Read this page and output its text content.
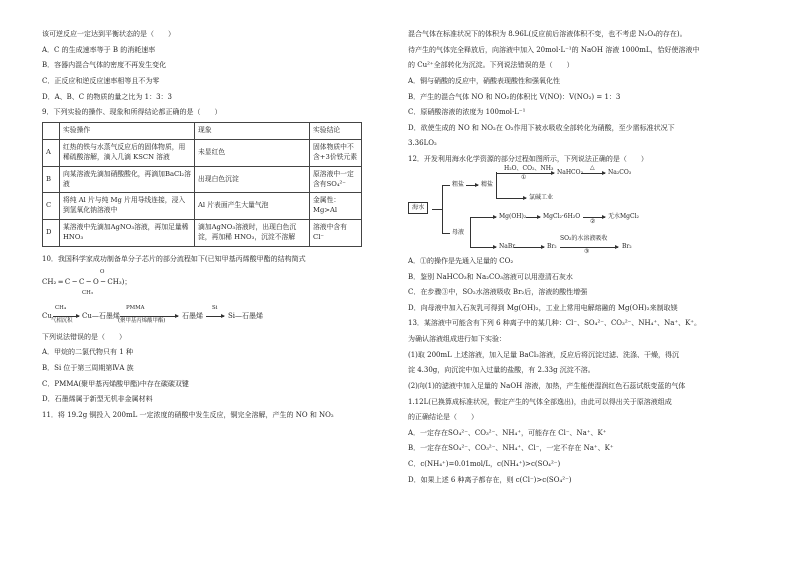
该可逆反应一定达到平衡状态的是（　　）
A．C 的生成速率等于 B 的消耗速率
B．容器内混合气体的密度不再发生变化
C．正反应和逆反应速率相等且不为零
D．A、B、C 的物质的量之比为 1：3：3
9．下列实验的操作、现象和所得结论都正确的是（　　）
	实验操作	现象	实验结论
A	红热的铁与水蒸气反应后的固体物质，用稀硫酸溶解，滴入几滴 KSCN 溶液	未显红色	固体物质中不含+3价铁元素
B	向某溶液先滴加硝酸酸化，再滴加BaCl₂溶液	出现白色沉淀	原溶液中一定含有SO₄²⁻
C	将纯 Al 片与纯 Mg 片用导线连接，浸入到氢氧化钠溶液中	Al 片表面产生大量气泡	金属性：Mg>Al
D	某溶液中先滴加AgNO₃溶液，再加足量稀 HNO₃	滴加AgNO₃溶液时，出现白色沉淀，再加稀 HNO₃，沉淀不溶解	溶液中含有 Cl⁻
10．我国科学家成功制备单分子芯片的部分流程如下(已知甲基丙烯酸甲酯的结构简式
O
CH₂ ═ C ─ C ─ O ─ CH₃)；
CH₃
Cu
CH₄
气相沉积
Cu—石墨烯
PMMA
(聚甲基丙烯酸甲酯)
石墨烯
Si
Si—石墨烯
下列说法错误的是（　　）
A．甲烷的二氯代物只有 1 种
B．Si 位于第三周期第ⅣA 族
C．PMMA(聚甲基丙烯酸甲酯)中存在碳碳双键
D．石墨烯属于新型无机非金属材料
11．将 19.2g 铜投入 200mL 一定浓度的硝酸中发生反应，铜完全溶解，产生的 NO 和 NO₂
混合气体在标准状况下的体积为 8.96L(反应前后溶液体积不变，也不考虑 N₂O₄的存在)。
待产生的气体完全释放后，向溶液中加入 20mol·L⁻¹的 NaOH 溶液 1000mL，恰好使溶液中
的 Cu²⁺全部转化为沉淀。下列说法错误的是（　　）
A．铜与硝酸的反应中，硝酸表现酸性和强氧化性
B．产生的混合气体 NO 和 NO₂的体积比 V(NO)：V(NO₂) = 1：3
C．原硝酸溶液的浓度为 100mol·L⁻¹
D．欲使生成的 NO 和 NO₂在 O₂作用下被水吸收全部转化为硝酸，至少需标准状况下
3.36LO₂
12．开发利用海水化学资源的部分过程如图所示，下列说法正确的是（　　）
海水
粗盐	精盐
H₂O、CO₂、NH₃
①
NaHCO₃
△
Na₂CO₃
氯碱工业
母液
Mg(OH)₂	MgCl₂·6H₂O
②
无水MgCl₂
NaBr	Br₂
SO₂的水溶液吸收
③
Br₂
A．①的操作是先通入足量的 CO₂
B．鉴别 NaHCO₃和 Na₂CO₃溶液可以用澄清石灰水
C．在步骤③中，SO₂水溶液吸收 Br₂后，溶液的酸性增强
D．向母液中加入石灰乳可得到 Mg(OH)₂，工业上常用电解熔融的 Mg(OH)₂来制取镁
13．某溶液中可能含有下列 6 种离子中的某几种：Cl⁻、SO₄²⁻、CO₃²⁻、NH₄⁺、Na⁺、K⁺。
为确认溶液组成进行如下实验：
(1)取 200mL 上述溶液，加入足量 BaCl₂溶液，反应后将沉淀过滤、洗涤、干燥，得沉
淀 4.30g，向沉淀中加入过量的盐酸，有 2.33g 沉淀不溶。
(2)向(1)的滤液中加入足量的 NaOH 溶液，加热，产生能使湿润红色石蕊试纸变蓝的气体
1.12L(已换算成标准状况，假定产生的气体全部逸出)，由此可以得出关于原溶液组成
的正确结论是（　　）
A．一定存在SO₄²⁻、CO₃²⁻、NH₄⁺，可能存在 Cl⁻、Na⁺、K⁺
B．一定存在SO₄²⁻、CO₃²⁻、NH₄⁺、Cl⁻，一定不存在 Na⁺、K⁺
C．c(NH₄⁺)=0.01mol/L，c(NH₄⁺)>c(SO₄²⁻)
D．如果上述 6 种离子都存在，则 c(Cl⁻)>c(SO₄²⁻)
